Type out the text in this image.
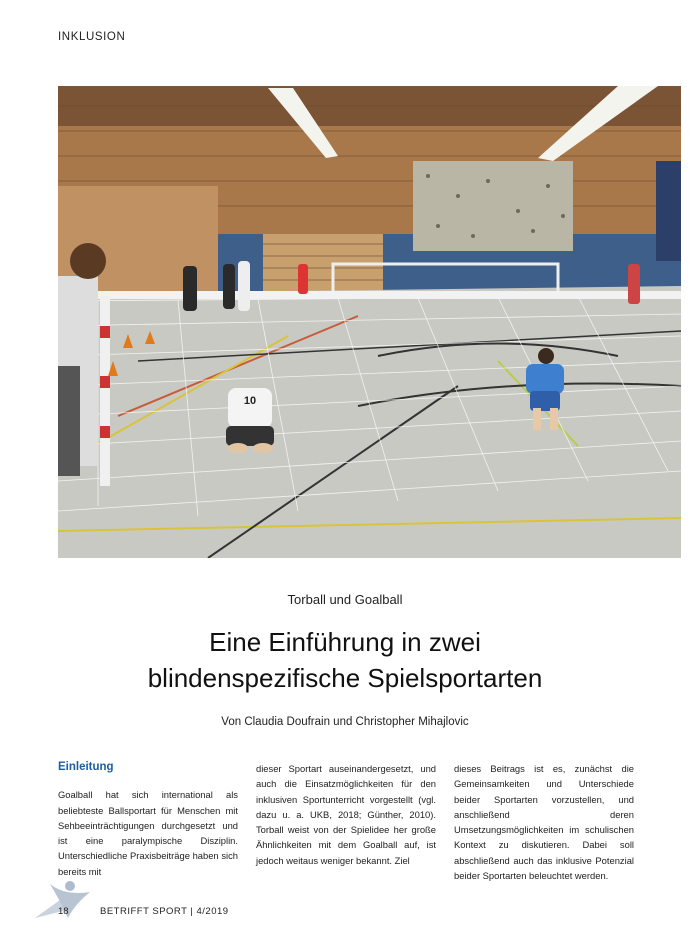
INKLUSION
10
Torball und Goalball
Eine Einführung in zwei
blindenspezifische Spielsportarten
Von Claudia Doufrain und Christopher Mihajlovic
Einleitung

Goalball hat sich international als beliebteste Ballsportart für Menschen mit Sehbeeinträchtigungen durchgesetzt und ist eine paralympische Disziplin. Unterschiedliche Praxisbeiträge haben sich bereits mit

dieser Sportart auseinandergesetzt, und auch die Einsatzmöglichkeiten für den inklusiven Sportunterricht vorgestellt (vgl. dazu u. a. UKB, 2018; Günther, 2010). Torball weist von der Spielidee her große Ähnlichkeiten mit dem Goalball auf, ist jedoch weitaus weniger bekannt. Ziel

dieses Beitrags ist es, zunächst die Gemeinsamkeiten und Unterschiede beider Sportarten vorzustellen, und anschließend deren Umsetzungsmöglichkeiten im schulischen Kontext zu diskutieren. Dabei soll abschließend auch das inklusive Potenzial beider Sportarten beleuchtet werden.

18	BETRIFFT SPORT | 4/2019
